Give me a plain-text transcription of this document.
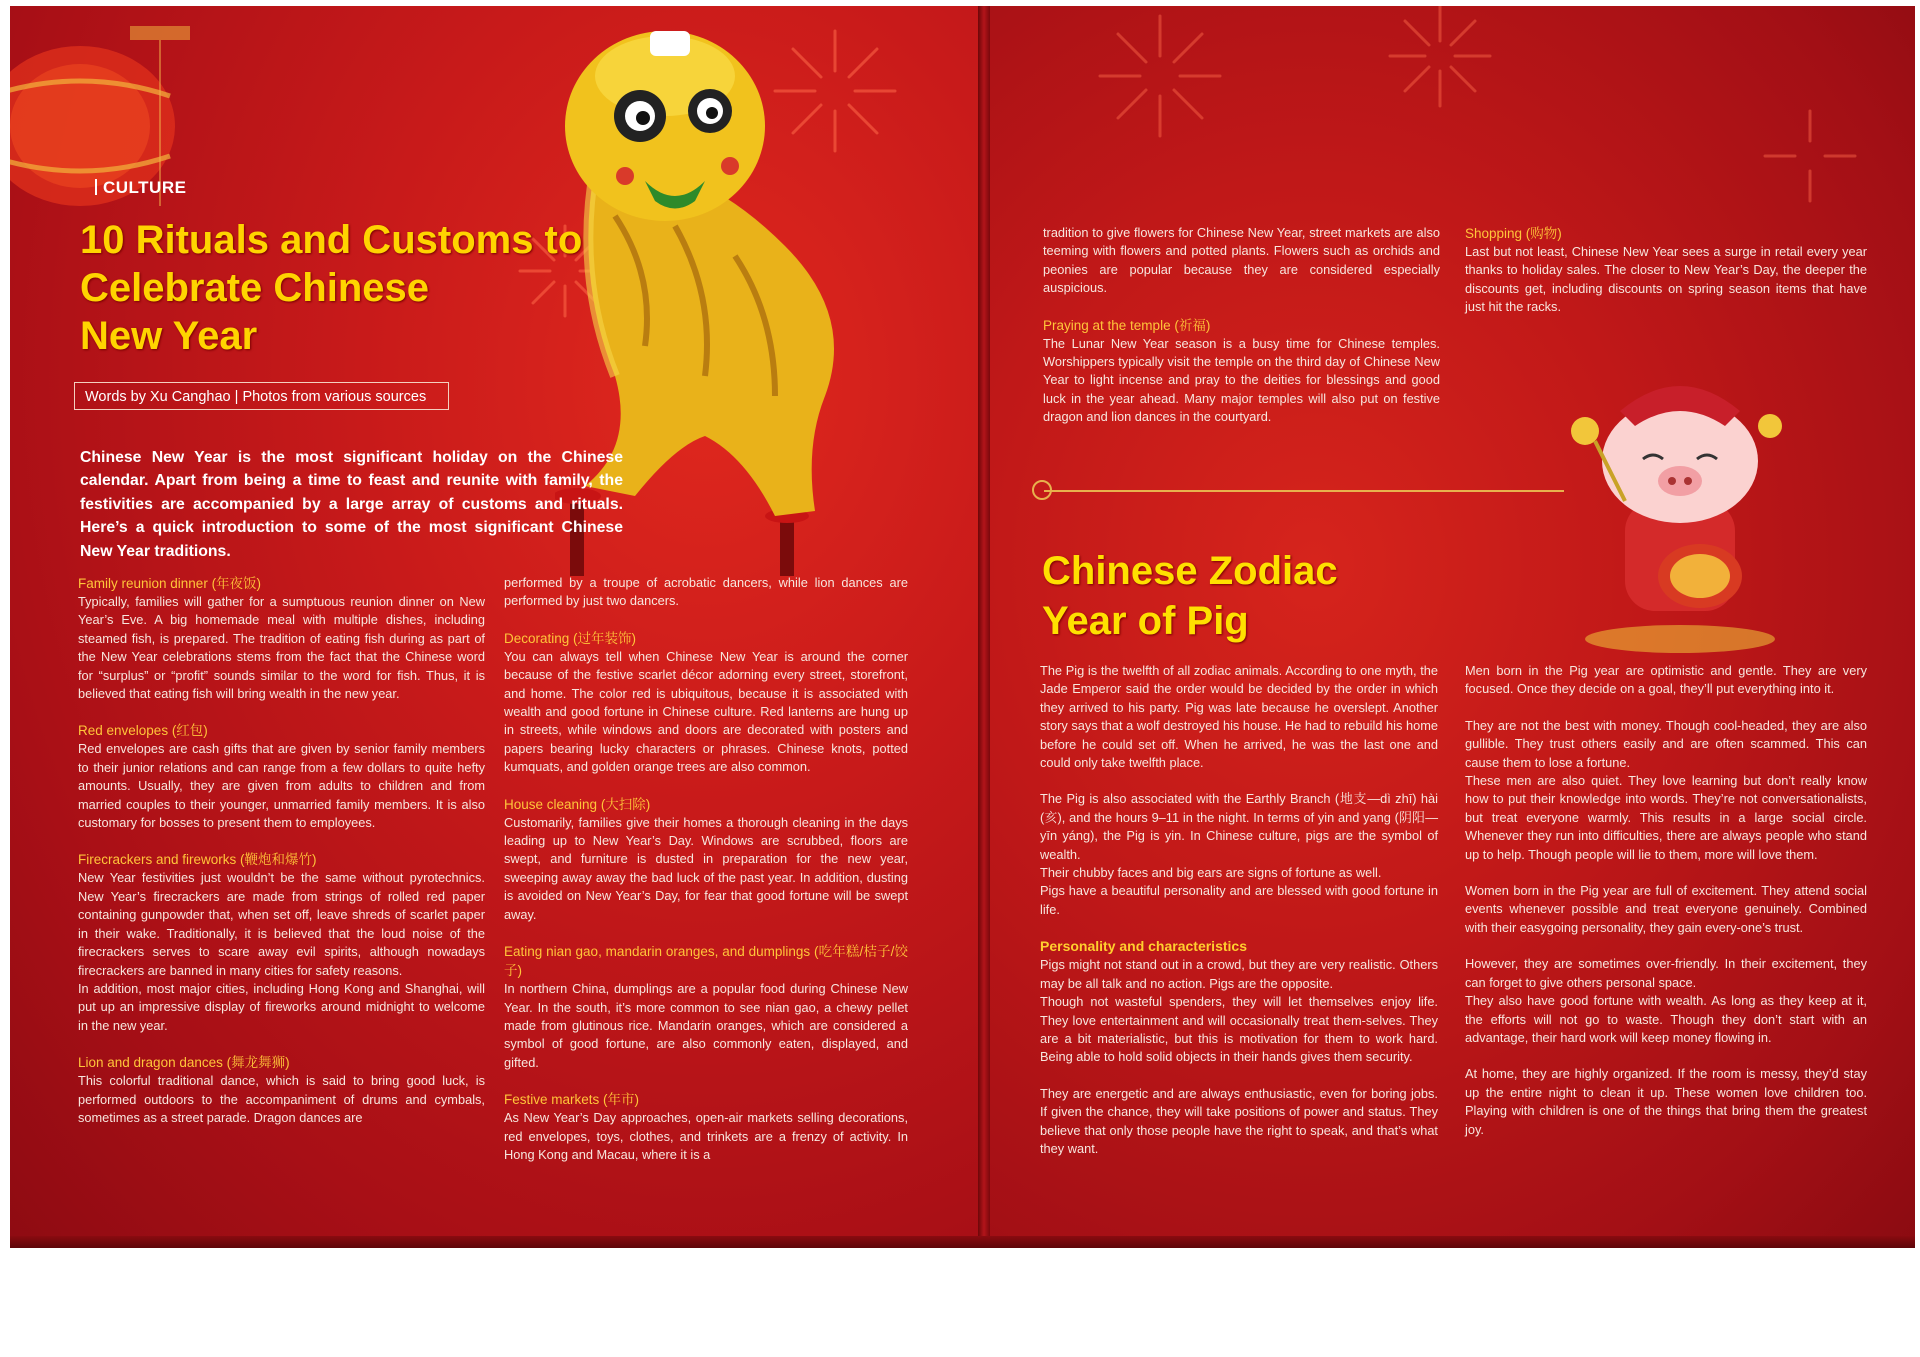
CULTURE
10 Rituals and Customs to
Celebrate Chinese
New Year
Words by Xu Canghao | Photos from various sources
Chinese New Year is the most significant holiday on the Chinese calendar. Apart from being a time to feast and reunite with family, the festivities are accompanied by a large array of customs and rituals. Here’s a quick introduction to some of the most significant Chinese New Year traditions.

Family reunion dinner (年夜饭)

Typically, families will gather for a sumptuous reunion dinner on New Year’s Eve. A big homemade meal with multiple dishes, including steamed fish, is prepared. The tradition of eating fish during as part of the New Year celebrations stems from the fact that the Chinese word for “surplus” or “profit” sounds similar to the word for fish. Thus, it is believed that eating fish will bring wealth in the new year.

Red envelopes (红包)

Red envelopes are cash gifts that are given by senior family members to their junior relations and can range from a few dollars to quite hefty amounts. Usually, they are given from adults to children and from married couples to their younger, unmarried family members. It is also customary for bosses to present them to employees.

Firecrackers and fireworks (鞭炮和爆竹)

New Year festivities just wouldn’t be the same without pyrotechnics. New Year’s firecrackers are made from strings of rolled red paper containing gunpowder that, when set off, leave shreds of scarlet paper in their wake. Traditionally, it is believed that the loud noise of the firecrackers serves to scare away evil spirits, although nowadays firecrackers are banned in many cities for safety reasons.

In addition, most major cities, including Hong Kong and Shanghai, will put up an impressive display of fireworks around midnight to welcome in the new year.

Lion and dragon dances (舞龙舞狮)

This colorful traditional dance, which is said to bring good luck, is performed outdoors to the accompaniment of drums and cymbals, sometimes as a street parade. Dragon dances are

performed by a troupe of acrobatic dancers, while lion dances are performed by just two dancers.

Decorating (过年装饰)

You can always tell when Chinese New Year is around the corner because of the festive scarlet décor adorning every street, storefront, and home. The color red is ubiquitous, because it is associated with wealth and good fortune in Chinese culture. Red lanterns are hung up in streets, while windows and doors are decorated with posters and papers bearing lucky characters or phrases. Chinese knots, potted kumquats, and golden orange trees are also common.

House cleaning (大扫除)

Customarily, families give their homes a thorough cleaning in the days leading up to New Year’s Day. Windows are scrubbed, floors are swept, and furniture is dusted in preparation for the new year, sweeping away away the bad luck of the past year. In addition, dusting is avoided on New Year’s Day, for fear that good fortune will be swept away.

Eating nian gao, mandarin oranges, and dumplings (吃年糕/桔子/饺子)

In northern China, dumplings are a popular food during Chinese New Year. In the south, it’s more common to see nian gao, a chewy pellet made from glutinous rice. Mandarin oranges, which are considered a symbol of good fortune, are also commonly eaten, displayed, and gifted.

Festive markets (年市)

As New Year’s Day approaches, open-air markets selling decorations, red envelopes, toys, clothes, and trinkets are a frenzy of activity. In Hong Kong and Macau, where it is a

tradition to give flowers for Chinese New Year, street markets are also teeming with flowers and potted plants. Flowers such as orchids and peonies are popular because they are considered especially auspicious.

Praying at the temple (祈福)

The Lunar New Year season is a busy time for Chinese temples. Worshippers typically visit the temple on the third day of Chinese New Year to light incense and pray to the deities for blessings and good luck in the year ahead. Many major temples will also put on festive dragon and lion dances in the courtyard.

Shopping (购物)

Last but not least, Chinese New Year sees a surge in retail every year thanks to holiday sales. The closer to New Year’s Day, the deeper the discounts get, including discounts on spring season items that have just hit the racks.

Chinese Zodiac
Year of Pig

The Pig is the twelfth of all zodiac animals. According to one myth, the Jade Emperor said the order would be decided by the order in which they arrived to his party. Pig was late because he overslept. Another story says that a wolf destroyed his house. He had to rebuild his home before he could set off. When he arrived, he was the last one and could only take twelfth place.

The Pig is also associated with the Earthly Branch (地支—dì zhī) hài (亥), and the hours 9–11 in the night. In terms of yin and yang (阴阳—yīn yáng), the Pig is yin. In Chinese culture, pigs are the symbol of wealth.

Their chubby faces and big ears are signs of fortune as well.

Pigs have a beautiful personality and are blessed with good fortune in life.

Personality and characteristics

Pigs might not stand out in a crowd, but they are very realistic. Others may be all talk and no action. Pigs are the opposite.

Though not wasteful spenders, they will let themselves enjoy life. They love entertainment and will occasionally treat them-selves. They are a bit materialistic, but this is motivation for them to work hard. Being able to hold solid objects in their hands gives them security.

They are energetic and are always enthusiastic, even for boring jobs. If given the chance, they will take positions of power and status. They believe that only those people have the right to speak, and that’s what they want.

Men born in the Pig year are optimistic and gentle. They are very focused. Once they decide on a goal, they’ll put everything into it.

They are not the best with money. Though cool-headed, they are also gullible. They trust others easily and are often scammed. This can cause them to lose a fortune.

These men are also quiet. They love learning but don’t really know how to put their knowledge into words. They’re not conversationalists, but treat everyone warmly. This results in a large social circle. Whenever they run into difficulties, there are always people who stand up to help. Though people will lie to them, more will love them.

Women born in the Pig year are full of excitement. They attend social events whenever possible and treat everyone genuinely. Combined with their easygoing personality, they gain every-one’s trust.

However, they are sometimes over-friendly. In their excitement, they can forget to give others personal space.

They also have good fortune with wealth. As long as they keep at it, the efforts will not go to waste. Though they don’t start with an advantage, their hard work will keep money flowing in.

At home, they are highly organized. If the room is messy, they’d stay up the entire night to clean it up. These women love children too. Playing with children is one of the things that bring them the greatest joy.
